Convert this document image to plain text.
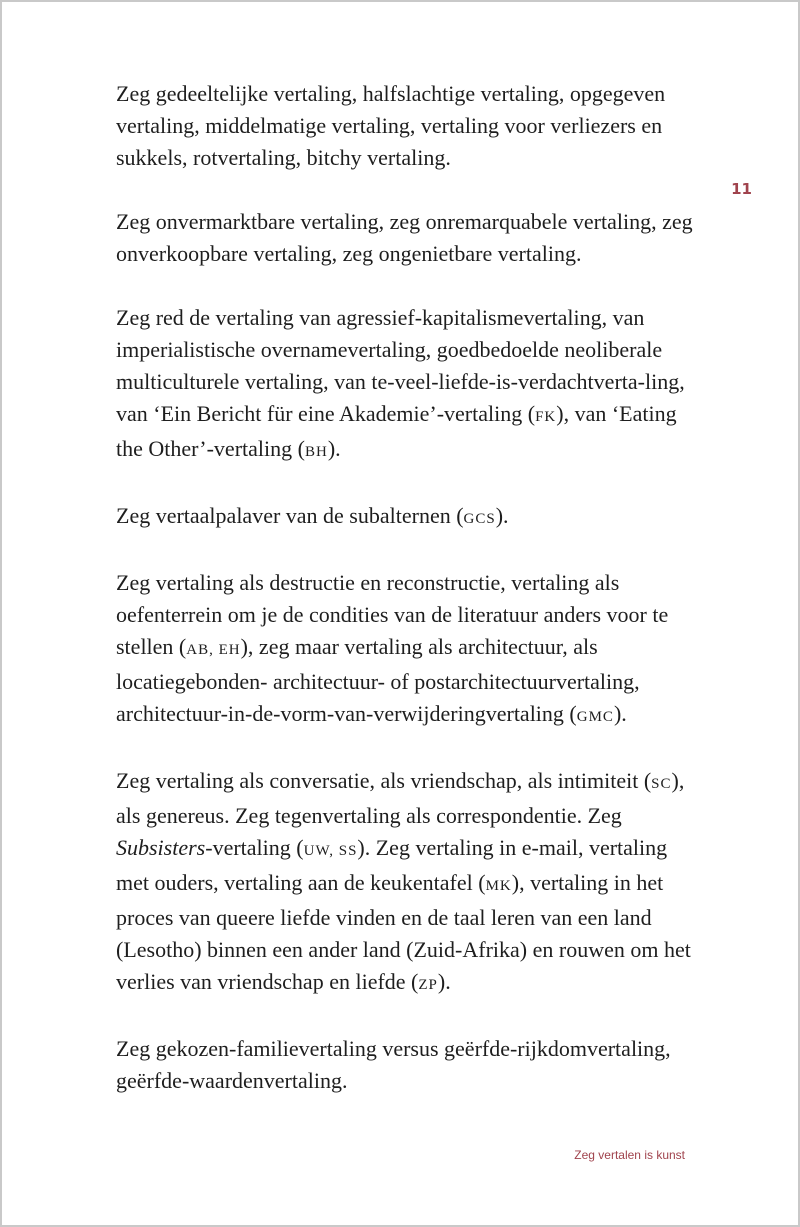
11

Zeg gedeeltelijke vertaling, halfslachtige vertaling, opgegeven vertaling, middelmatige vertaling, vertaling voor verliezers en sukkels, rotvertaling, bitchy vertaling.

Zeg onvermarktbare vertaling, zeg onremarquabele vertaling, zeg onverkoopbare vertaling, zeg ongenietbare vertaling.

Zeg red de vertaling van agressief-kapitalismevertaling, van imperialistische overnamevertaling, goedbedoelde neoliberale multiculturele vertaling, van te-veel-liefde-is-verdachtverta-ling, van ‘Ein Bericht für eine Akademie’-vertaling (FK), van ‘Eating the Other’-vertaling (BH).

Zeg vertaalpalaver van de subalternen (GCS).

Zeg vertaling als destructie en reconstructie, vertaling als oefenterrein om je de condities van de literatuur anders voor te stellen (AB, EH), zeg maar vertaling als architectuur, als locatiegebonden- architectuur- of postarchitectuurvertaling, architectuur-in-de-vorm-van-verwijderingvertaling (GMC).

Zeg vertaling als conversatie, als vriendschap, als intimiteit (SC), als genereus. Zeg tegenvertaling als correspondentie. Zeg Subsisters-vertaling (UW, SS). Zeg vertaling in e-mail, vertaling met ouders, vertaling aan de keukentafel (MK), vertaling in het proces van queere liefde vinden en de taal leren van een land (Lesotho) binnen een ander land (Zuid-Afrika) en rouwen om het verlies van vriendschap en liefde (ZP).

Zeg gekozen-familievertaling versus geërfde-rijkdomvertaling, geërfde-waardenvertaling.

Zeg vertalen is kunst
